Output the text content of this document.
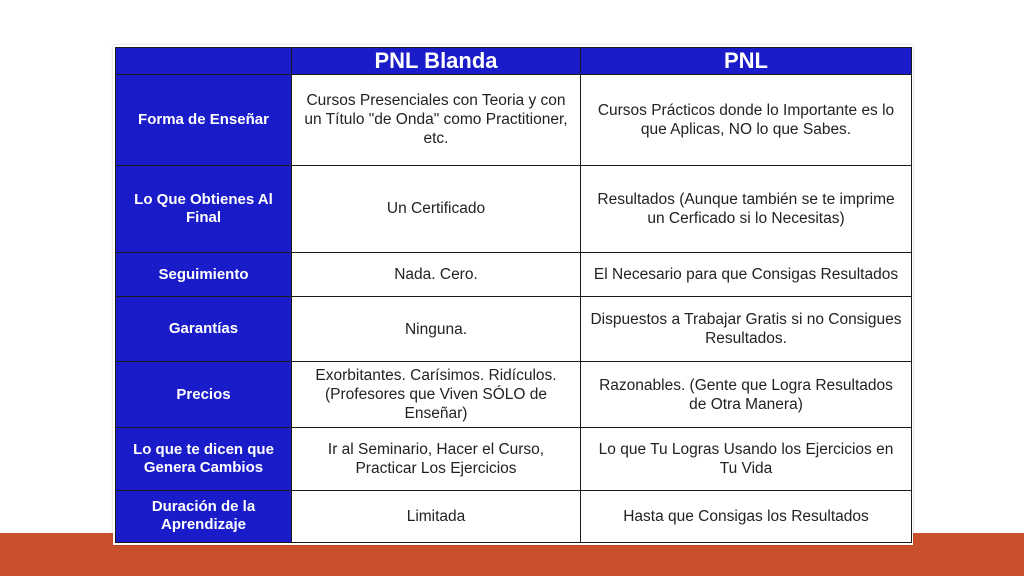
	PNL Blanda	PNL
Forma de Enseñar	Cursos Presenciales con Teoria y con un Título "de Onda" como Practitioner, etc.	Cursos Prácticos donde lo Importante es lo que Aplicas, NO lo que Sabes.
Lo Que Obtienes Al Final	Un Certificado	Resultados (Aunque también se te imprime un Cerficado si lo Necesitas)
Seguimiento	Nada. Cero.	El Necesario para que Consigas Resultados
Garantías	Ninguna.	Dispuestos a Trabajar Gratis si no Consigues Resultados.
Precios	Exorbitantes. Carísimos. Ridículos. (Profesores que Viven SÓLO de Enseñar)	Razonables. (Gente que Logra Resultados de Otra Manera)
Lo que te dicen que Genera Cambios	Ir al Seminario, Hacer el Curso, Practicar Los Ejercicios	Lo que Tu Logras Usando los Ejercicios en Tu Vida
Duración de la Aprendizaje	Limitada	Hasta que Consigas los Resultados
